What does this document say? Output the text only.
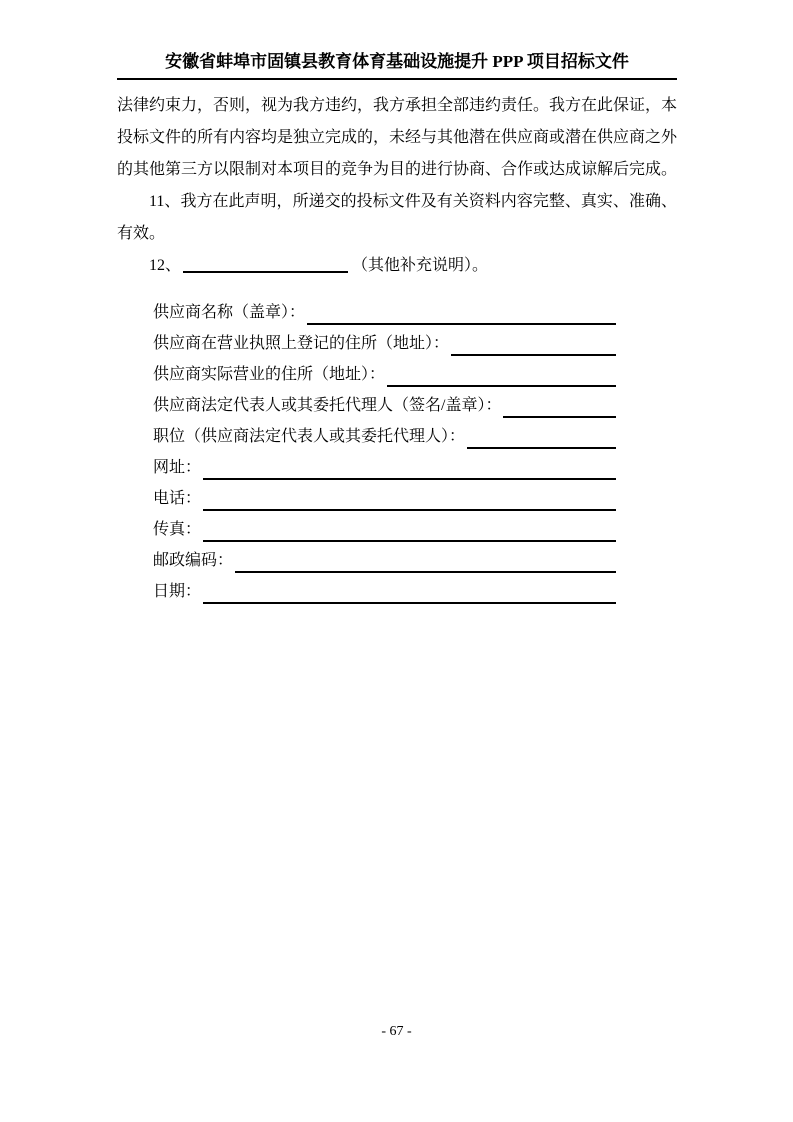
安徽省蚌埠市固镇县教育体育基础设施提升 PPP 项目招标文件

法律约束力，否则，视为我方违约，我方承担全部违约责任。我方在此保证，本投标文件的所有内容均是独立完成的，未经与其他潜在供应商或潜在供应商之外的其他第三方以限制对本项目的竞争为目的进行协商、合作或达成谅解后完成。

11、我方在此声明，所递交的投标文件及有关资料内容完整、真实、准确、有效。

12、	（其他补充说明）。

供应商名称（盖章）：
供应商在营业执照上登记的住所（地址）：
供应商实际营业的住所（地址）：
供应商法定代表人或其委托代理人（签名/盖章）：
职位（供应商法定代表人或其委托代理人）：
网址：
电话：
传真：
邮政编码：
日期：
- 67 -
